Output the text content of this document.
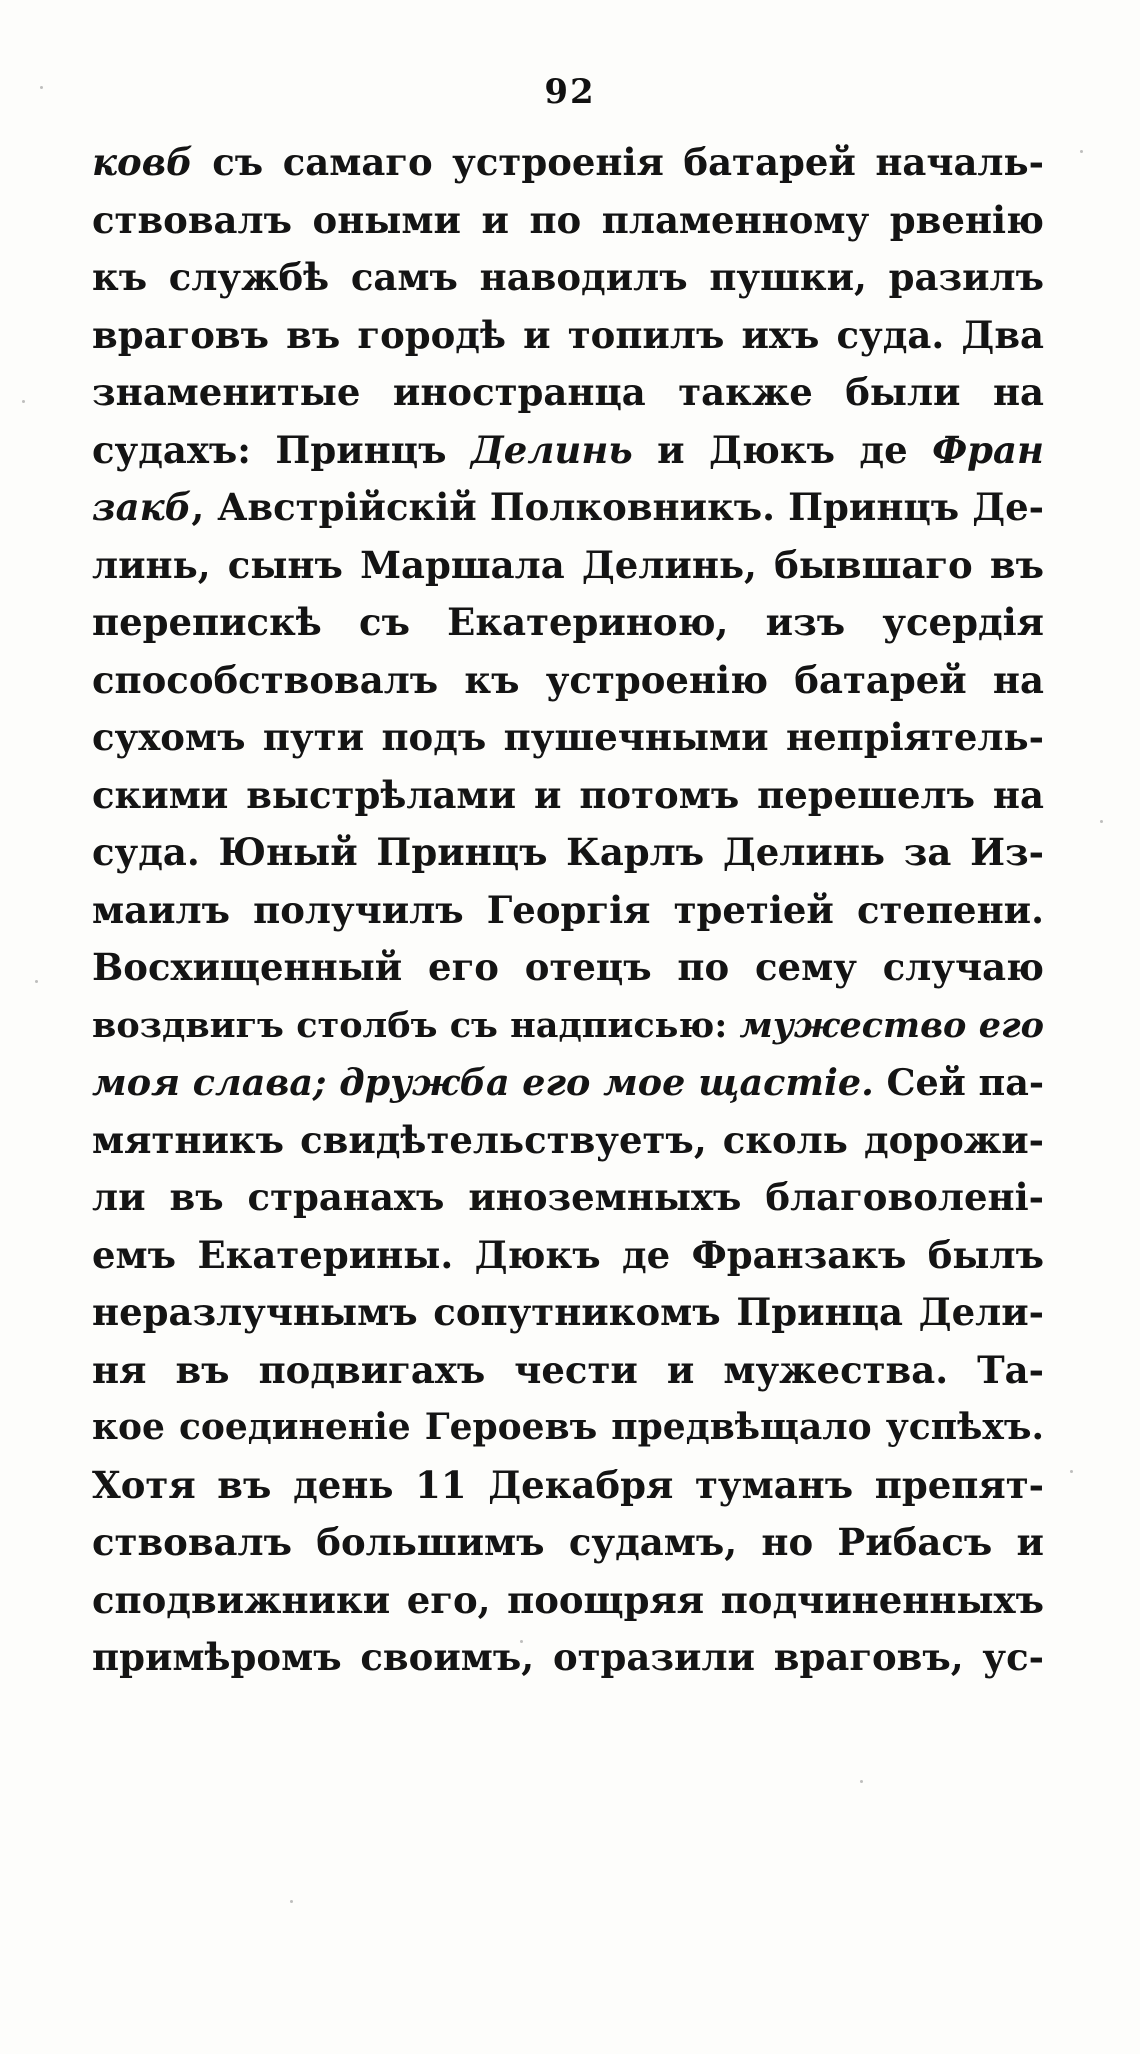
92
ковб съ самаго устроенія батарей началь-
ствовалъ оными и по пламенному рвенію
къ службѣ самъ наводилъ пушки, разилъ
враговъ въ городѣ и топилъ ихъ суда. Два
знаменитые иностранца также были на
судахъ: Принцъ Делинь и Дюкъ де Фран
закб, Австрійскій Полковникъ. Принцъ Де-
линь, сынъ Маршала Делинь, бывшаго въ
перепискѣ съ Екатериною, изъ усердія
способствовалъ къ устроенію батарей на
сухомъ пути подъ пушечными непріятель-
скими выстрѣлами и потомъ перешелъ на
суда. Юный Принцъ Карлъ Делинь за Из-
маилъ получилъ Георгія третiей степени.
Восхищенный его отецъ по сему случаю
воздвигъ столбъ съ надписью: мужество его
моя слава; дружба его мое щастіе. Сей па-
мятникъ свидѣтельствуетъ, сколь дорожи-
ли въ странахъ иноземныхъ благоволені-
емъ Екатерины. Дюкъ де Франзакъ былъ
неразлучнымъ сопутникомъ Принца Дели-
ня въ подвигахъ чести и мужества. Та-
кое соединеніе Героевъ предвѣщало успѣхъ.
Хотя въ день 11 Декабря туманъ препят-
ствовалъ большимъ судамъ, но Рибасъ и
сподвижники его, поощряя подчиненныхъ
примѣромъ своимъ, отразили враговъ, ус-
